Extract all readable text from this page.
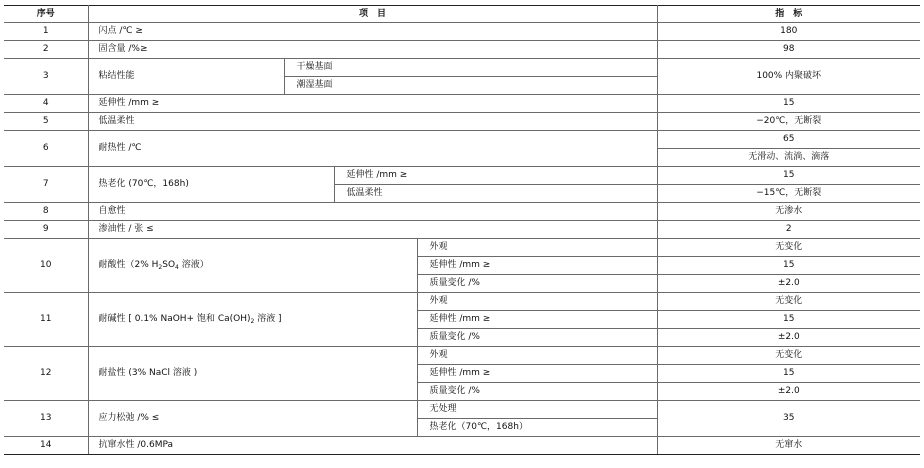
序号	项　目				指　标
1	闪点 /℃ ≥				180
2	固含量 /%≥				98
3	粘结性能	干燥基面			100% 内聚破坏
		潮湿基面			
4	延伸性 /mm ≥				15
5	低温柔性				−20℃，无断裂
6	耐热性 /℃				65
					无滑动、流淌、滴落
7	热老化 (70℃，168h)		延伸性 /mm ≥		15
			低温柔性		−15℃，无断裂
8	自愈性				无渗水
9	渗油性 / 张 ≤				2
10	耐酸性（2% $H_2SO_4$ 溶液）			外观	无变化
				延伸性 /mm ≥	15
				质量变化 /%	±2.0
11	耐碱性 [ 0.1% NaOH+ 饱和 $Ca(OH)_2$ 溶液 ]			外观	无变化
				延伸性 /mm ≥	15
				质量变化 /%	±2.0
12	耐盐性 (3% NaCl 溶液 )			外观	无变化
				延伸性 /mm ≥	15
				质量变化 /%	±2.0
13	应力松弛 /% ≤			无处理	35
				热老化（70℃，168h）	
14	抗窜水性 /0.6MPa				无窜水
